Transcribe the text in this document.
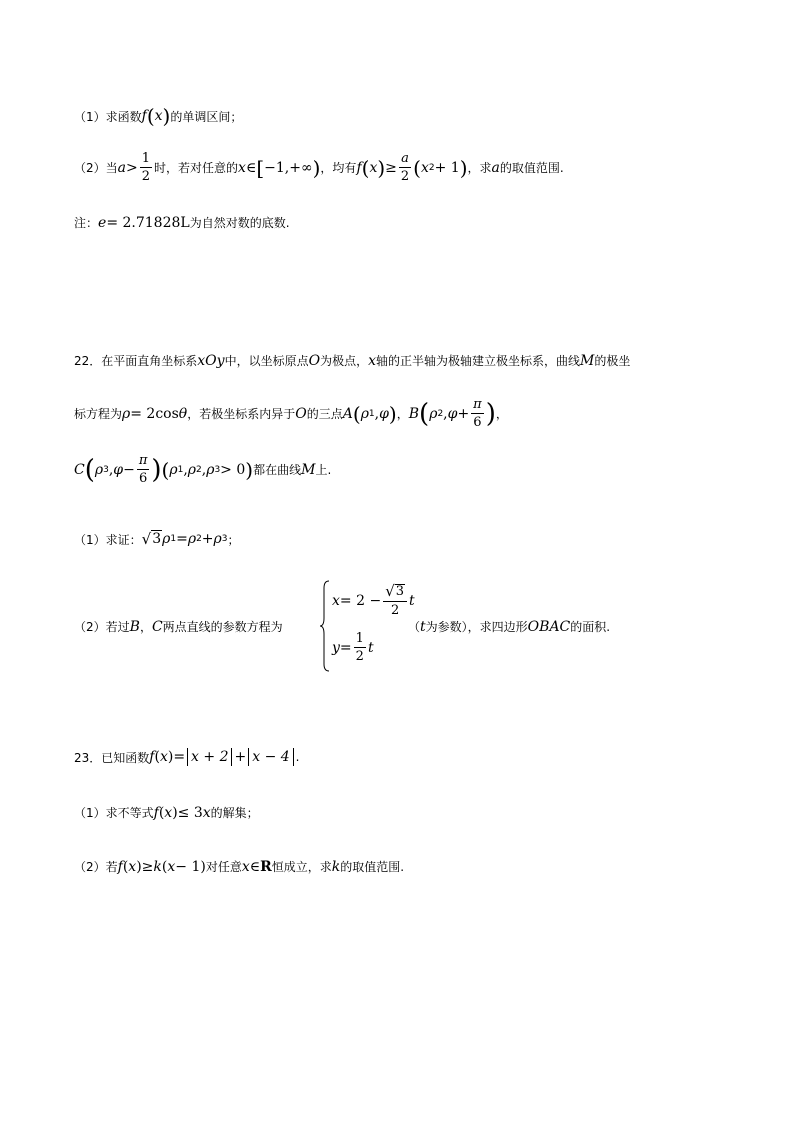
（1）求函数 f ( x ) 的单调区间；
（2）当 $a > \frac{1}{2}$ 时，若对任意的 x ∈ [ −1,+∞ ) ，均有 f ( x ) ≥ $\frac{a}{2}$ ( x 2 + 1 ) ，求 a 的取值范围.
注： e = 2.71828L 为自然对数的底数.
22．在平面直角坐标系 xOy 中，以坐标原点 O 为极点， x 轴的正半轴为极轴建立极坐标系，曲线 M 的极坐
标方程为 ρ = 2cos θ ，若极坐标系内异于 O 的三点 A ( ρ 1 , φ ) ， B ( ρ 2 , $\varphi + \frac{\pi}{6}$ ) ，
C ( ρ 3 , $\varphi - \frac{\pi}{6}$ ) ( ρ 1 , ρ 2 , ρ 3 > 0 ) 都在曲线 M 上.
（1）求证： √ 3 ρ 1 = ρ 2 + ρ 3 ；
（2）若过 B ， C 两点直线的参数方程为
$x = 2 - \frac{√ 3}{2}$ t
$y = \frac{1}{2}$ t
（ t 为参数），求四边形 OBAC 的面积.
23．已知函数 f ( x ) = x + 2 + x − 4 .
（1）求不等式 f ( x ) ≤ 3 x 的解集；
（2）若 f ( x ) ≥ k ( x − 1 ) 对任意 x ∈ R 恒成立，求 k 的取值范围.
